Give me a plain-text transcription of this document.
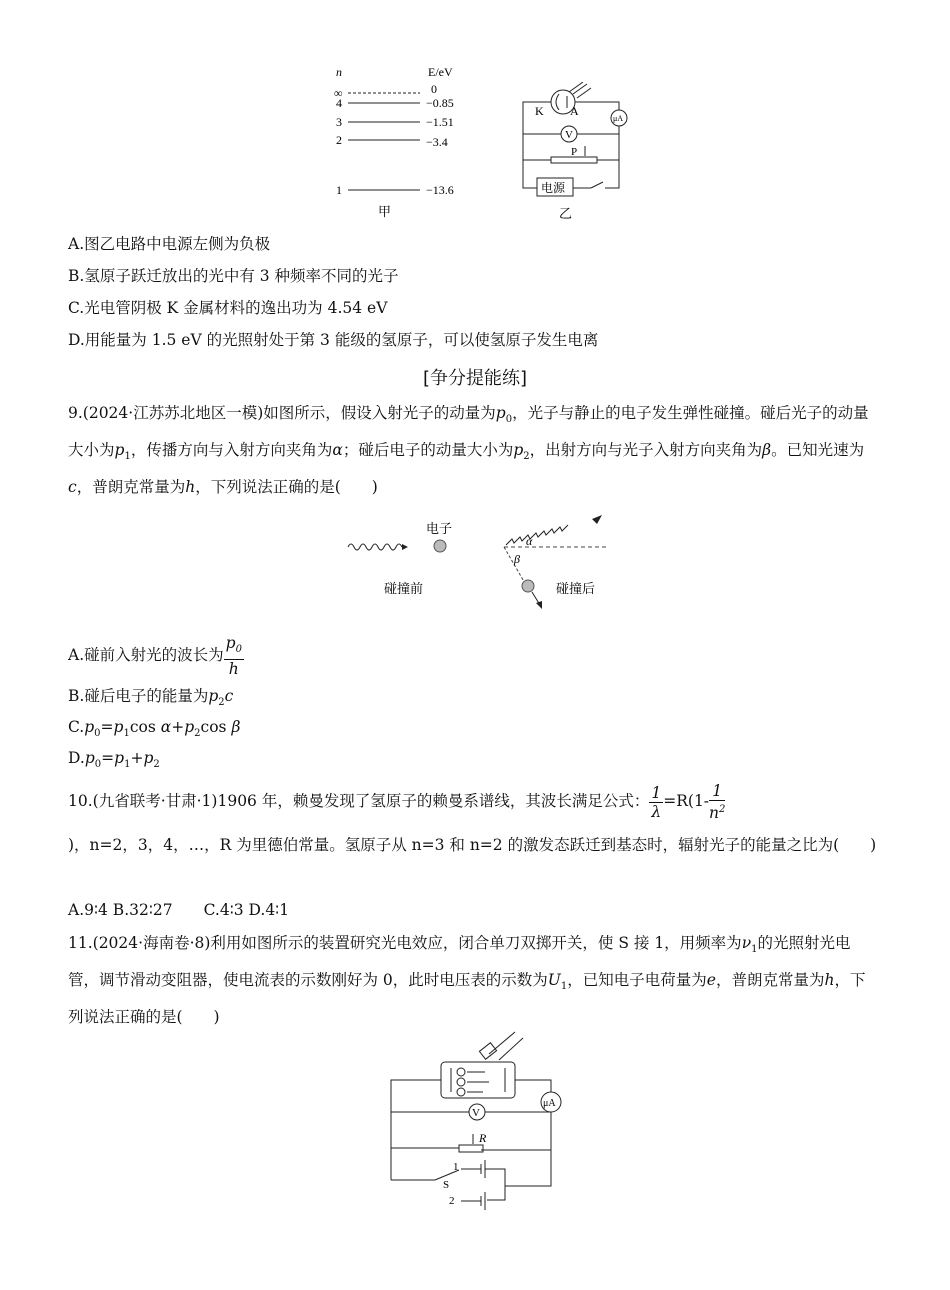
n	E/eV
∞	0
4	−0.85
3	−1.51
2	−3.4
1	−13.6
甲
K A
μA
V
P
电源
乙
A.图乙电路中电源左侧为负极
B.氢原子跃迁放出的光中有 3 种频率不同的光子
C.光电管阴极 K 金属材料的逸出功为 4.54 eV
D.用能量为 1.5 eV 的光照射处于第 3 能级的氢原子，可以使氢原子发生电离
[争分提能练]
9.(2024·江苏苏北地区一模)如图所示，假设入射光子的动量为$p_0$，光子与静止的电子发生弹性碰撞。碰后光子的动量大小为$p_1$，传播方向与入射方向夹角为α；碰后电子的动量大小为$p_2$，出射方向与光子入射方向夹角为β。已知光速为c，普朗克常量为h，下列说法正确的是(　　)
电子
碰撞前
α
β
碰撞后
A.碰前入射光的波长为 $\frac{p_0}{h}$
B.碰后电子的能量为$p_2c$
$C.p_0=p_1\cos$ $\alpha+p_2\cos$ β
$D.p_0=p_1+p_2$
10.(九省联考·甘肃·1)1906 年，赖曼发现了氢原子的赖曼系谱线，其波长满足公式： $\frac{1}{\lambda} =R(1- \frac{1}{n^2}$
)，n=2，3，4，…，R 为里德伯常量。氢原子从 n=3 和 n=2 的激发态跃迁到基态时，辐射光子的能量之比为(　　)
A.9∶4 B.32∶27　　C.4∶3 D.4∶1
11.(2024·海南卷·8)利用如图所示的装置研究光电效应，闭合单刀双掷开关，使 S 接 1，用频率为$\nu_1$的光照射光电管，调节滑动变阻器，使电流表的示数刚好为 0，此时电压表的示数为$U_1$，已知电子电荷量为e，普朗克常量为h，下列说法正确的是(　　)
μA
V
R
1
S
2
